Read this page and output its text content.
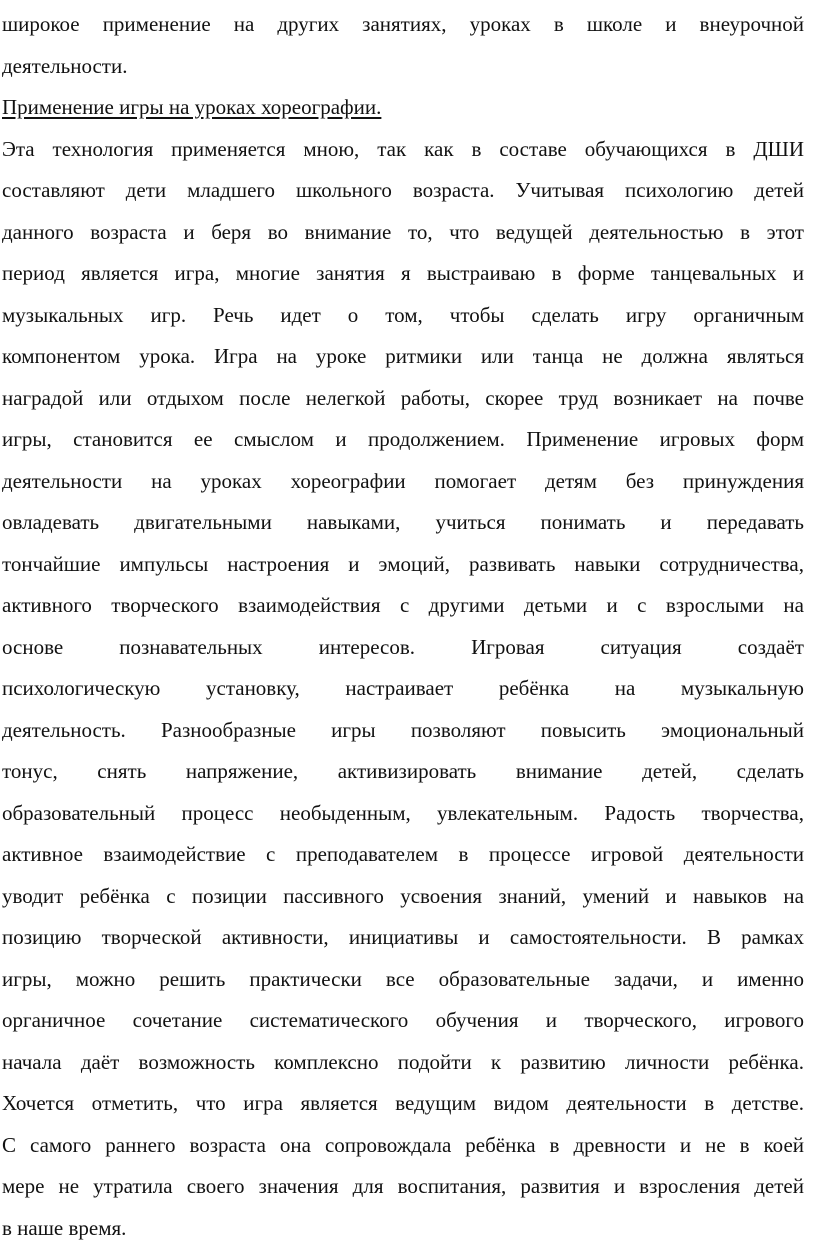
широкое применение на других занятиях, уроках в школе и внеурочной
деятельности.
Применение игры на уроках хореографии.
Эта технология применяется мною, так как в составе обучающихся в ДШИ
составляют дети младшего школьного возраста. Учитывая психологию детей
данного возраста и беря во внимание то, что ведущей деятельностью в этот
период является игра, многие занятия я выстраиваю в форме танцевальных и
музыкальных игр. Речь идет о том, чтобы сделать игру органичным
компонентом урока. Игра на уроке ритмики или танца не должна являться
наградой или отдыхом после нелегкой работы, скорее труд возникает на почве
игры, становится ее смыслом и продолжением. Применение игровых форм
деятельности на уроках хореографии помогает детям без принуждения
овладевать двигательными навыками, учиться понимать и передавать
тончайшие импульсы настроения и эмоций, развивать навыки сотрудничества,
активного творческого взаимодействия с другими детьми и с взрослыми на
основе познавательных интересов. Игровая ситуация создаёт
психологическую установку, настраивает ребёнка на музыкальную
деятельность. Разнообразные игры позволяют повысить эмоциональный
тонус, снять напряжение, активизировать внимание детей, сделать
образовательный процесс необыденным, увлекательным. Радость творчества,
активное взаимодействие с преподавателем в процессе игровой деятельности
уводит ребёнка с позиции пассивного усвоения знаний, умений и навыков на
позицию творческой активности, инициативы и самостоятельности. В рамках
игры, можно решить практически все образовательные задачи, и именно
органичное сочетание систематического обучения и творческого, игрового
начала даёт возможность комплексно подойти к развитию личности ребёнка.
Хочется отметить, что игра является ведущим видом деятельности в детстве.
С самого раннего возраста она сопровождала ребёнка в древности и не в коей
мере не утратила своего значения для воспитания, развития и взросления детей
в наше время.
